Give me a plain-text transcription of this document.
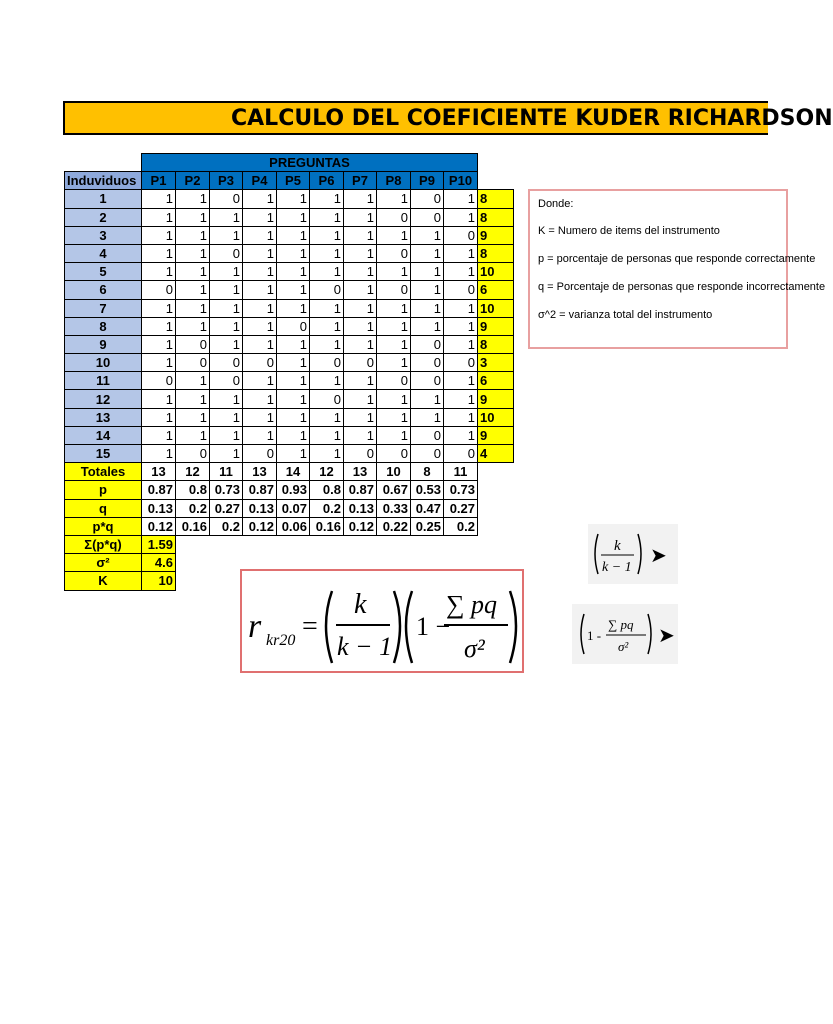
CALCULO DEL COEFICIENTE KUDER RICHARDSON
	PREGUNTAS										
Induviduos	P1	P2	P3	P4	P5	P6	P7	P8	P9	P10	
1	1	1	0	1	1	1	1	1	0	1	8
2	1	1	1	1	1	1	1	0	0	1	8
3	1	1	1	1	1	1	1	1	1	0	9
4	1	1	0	1	1	1	1	0	1	1	8
5	1	1	1	1	1	1	1	1	1	1	10
6	0	1	1	1	1	0	1	0	1	0	6
7	1	1	1	1	1	1	1	1	1	1	10
8	1	1	1	1	0	1	1	1	1	1	9
9	1	0	1	1	1	1	1	1	0	1	8
10	1	0	0	0	1	0	0	1	0	0	3
11	0	1	0	1	1	1	1	0	0	1	6
12	1	1	1	1	1	0	1	1	1	1	9
13	1	1	1	1	1	1	1	1	1	1	10
14	1	1	1	1	1	1	1	1	0	1	9
15	1	0	1	0	1	1	0	0	0	0	4
Totales	13	12	11	13	14	12	13	10	8	11	
p	0.87	0.8	0.73	0.87	0.93	0.8	0.87	0.67	0.53	0.73	
q	0.13	0.2	0.27	0.13	0.07	0.2	0.13	0.33	0.47	0.27	
p*q	0.12	0.16	0.2	0.12	0.06	0.16	0.12	0.22	0.25	0.2	
Σ(p*q)	1.59										
σ²	4.6										
K	10										
Donde:
K = Numero de items del instrumento
p = porcentaje de personas que responde correctamente
q = Porcentaje de personas que responde incorrectamente
σ^2 = varianza total del instrumento
r kr20 =
k
k − 1
1 −
∑ pq
σ²
k
k − 1
➤
1 -
∑ pq
σ² ➤
